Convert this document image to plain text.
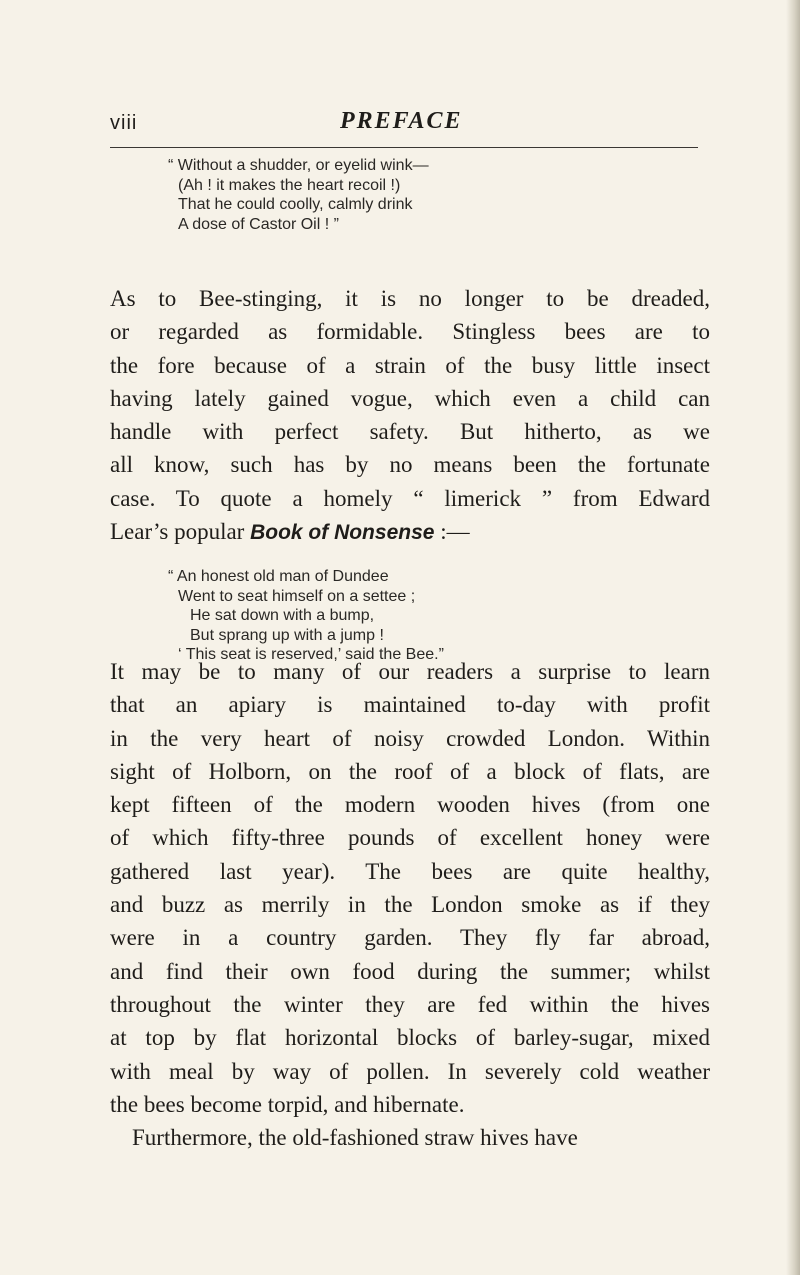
viii	PREFACE
“ Without a shudder, or eyelid wink—
(Ah ! it makes the heart recoil !)
That he could coolly, calmly drink
A dose of Castor Oil ! ”
As to Bee-stinging, it is no longer to be dreaded,
or regarded as formidable. Stingless bees are to
the fore because of a strain of the busy little insect
having lately gained vogue, which even a child can
handle with perfect safety. But hitherto, as we
all know, such has by no means been the fortunate
case. To quote a homely “ limerick ” from Edward
Lear’s popular Book of Nonsense :—
“ An honest old man of Dundee
Went to seat himself on a settee ;
He sat down with a bump,
But sprang up with a jump !
‘ This seat is reserved,’ said the Bee.”
It may be to many of our readers a surprise to learn
that an apiary is maintained to-day with profit
in the very heart of noisy crowded London. Within
sight of Holborn, on the roof of a block of flats, are
kept fifteen of the modern wooden hives (from one
of which fifty-three pounds of excellent honey were
gathered last year). The bees are quite healthy,
and buzz as merrily in the London smoke as if they
were in a country garden. They fly far abroad,
and find their own food during the summer; whilst
throughout the winter they are fed within the hives
at top by flat horizontal blocks of barley-sugar, mixed
with meal by way of pollen. In severely cold weather
the bees become torpid, and hibernate.
Furthermore, the old-fashioned straw hives have
